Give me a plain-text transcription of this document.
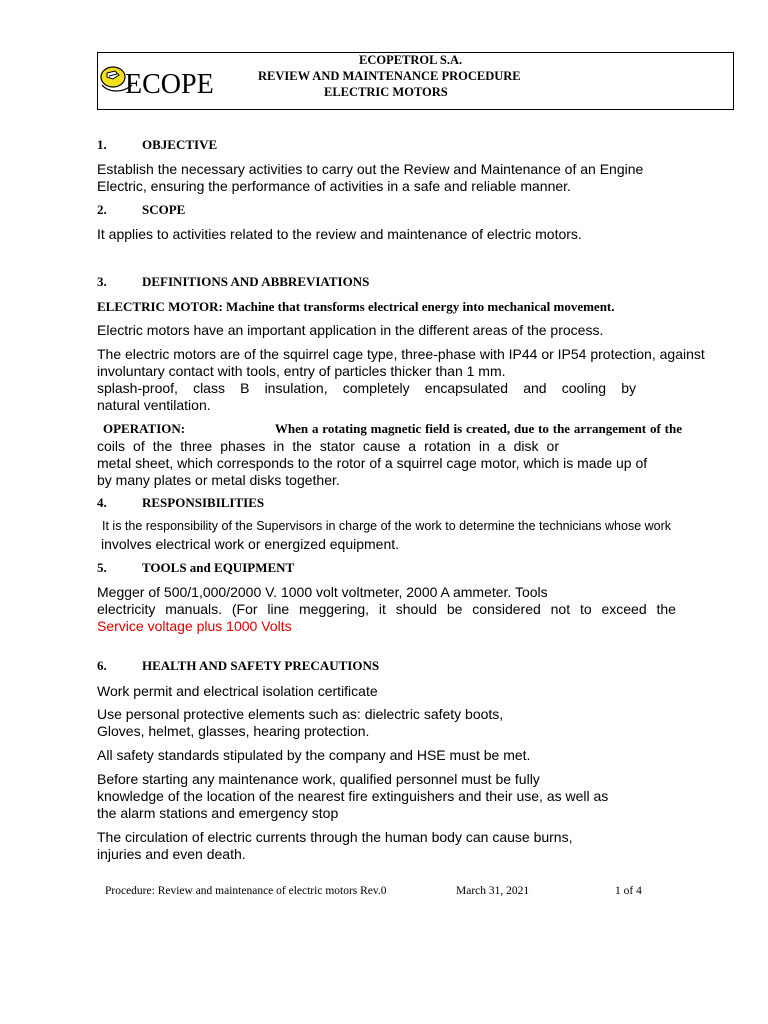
ECOPE
ECOPETROL S.A.
REVIEW AND MAINTENANCE PROCEDURE
ELECTRIC MOTORS
1.	OBJECTIVE
Establish the necessary activities to carry out the Review and Maintenance of an Engine
Electric, ensuring the performance of activities in a safe and reliable manner.
2.	SCOPE
It applies to activities related to the review and maintenance of electric motors.
3.	DEFINITIONS AND ABBREVIATIONS
ELECTRIC MOTOR: Machine that transforms electrical energy into mechanical movement.
Electric motors have an important application in the different areas of the process.
The electric motors are of the squirrel cage type, three-phase with IP44 or IP54 protection, against
involuntary contact with tools, entry of particles thicker than 1 mm.
splash-proof, class B insulation, completely encapsulated and cooling by
natural ventilation.
OPERATION:	When a rotating magnetic field is created, due to the arrangement of the
coils of the three phases in the stator cause a rotation in a disk or
metal sheet, which corresponds to the rotor of a squirrel cage motor, which is made up of
by many plates or metal disks together.
4.	RESPONSIBILITIES
It is the responsibility of the Supervisors in charge of the work to determine the technicians whose work
involves electrical work or energized equipment.
5.	TOOLS and EQUIPMENT
Megger of 500/1,000/2000 V. 1000 volt voltmeter, 2000 A ammeter. Tools
electricity manuals. (For line meggering, it should be considered not to exceed the
Service voltage plus 1000 Volts
6.	HEALTH AND SAFETY PRECAUTIONS
Work permit and electrical isolation certificate
Use personal protective elements such as: dielectric safety boots,
Gloves, helmet, glasses, hearing protection.
All safety standards stipulated by the company and HSE must be met.
Before starting any maintenance work, qualified personnel must be fully
knowledge of the location of the nearest fire extinguishers and their use, as well as
the alarm stations and emergency stop
The circulation of electric currents through the human body can cause burns,
injuries and even death.
Procedure: Review and maintenance of electric motors Rev.0	March 31, 2021	1 of 4
